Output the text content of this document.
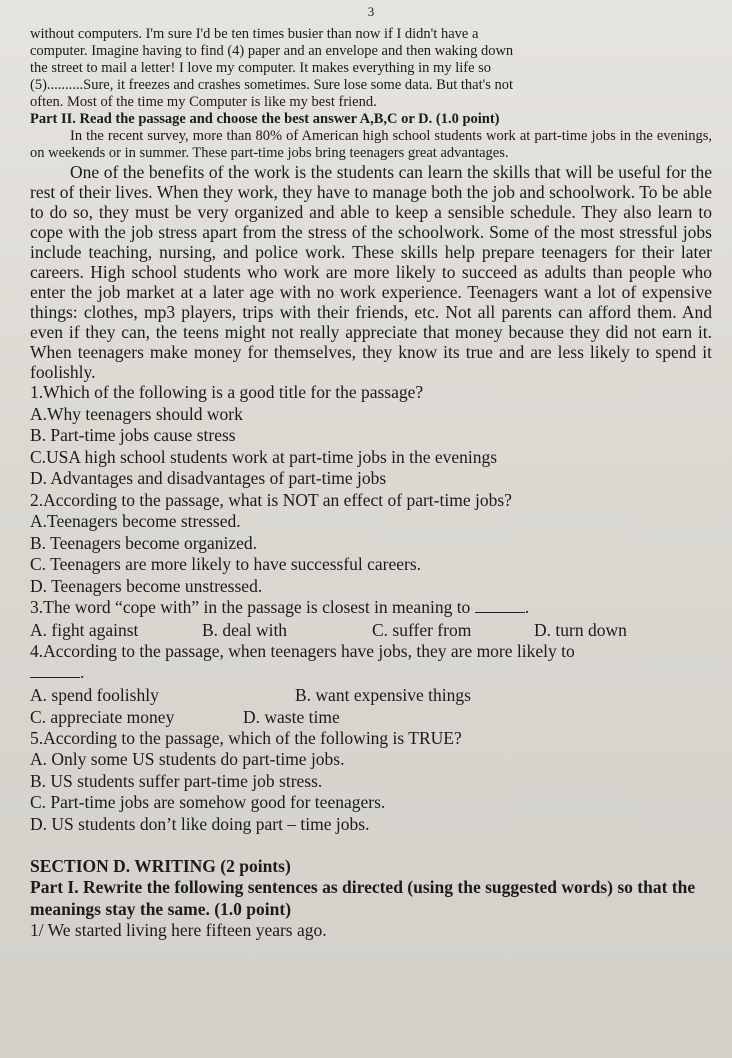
3

without computers. I'm sure I'd be ten times busier than now if I didn't have a

computer. Imagine having to find (4) paper and an envelope and then waking down

the street to mail a letter! I love my computer. It makes everything in my life so

(5)..........Sure, it freezes and crashes sometimes. Sure lose some data. But that's not

often. Most of the time my Computer is like my best friend.

Part II. Read the passage and choose the best answer A,B,C or D. (1.0 point)

In the recent survey, more than 80% of American high school students work at part-time jobs in the evenings, on weekends or in summer. These part-time jobs bring teenagers great advantages.

One of the benefits of the work is the students can learn the skills that will be useful for the rest of their lives. When they work, they have to manage both the job and schoolwork. To be able to do so, they must be very organized and able to keep a sensible schedule. They also learn to cope with the job stress apart from the stress of the schoolwork. Some of the most stressful jobs include teaching, nursing, and police work. These skills help prepare teenagers for their later careers. High school students who work are more likely to succeed as adults than people who enter the job market at a later age with no work experience. Teenagers want a lot of expensive things: clothes, mp3 players, trips with their friends, etc. Not all parents can afford them. And even if they can, the teens might not really appreciate that money because they did not earn it. When teenagers make money for themselves, they know its true and are less likely to spend it foolishly.

1.Which of the following is a good title for the passage?

A.Why teenagers should work

B. Part-time jobs cause stress

C.USA high school students work at part-time jobs in the evenings

D. Advantages and disadvantages of part-time jobs

2.According to the passage, what is NOT an effect of part-time jobs?

A.Teenagers become stressed.

B. Teenagers become organized.

C. Teenagers are more likely to have successful careers.

D. Teenagers become unstressed.

3.The word “cope with” in the passage is closest in meaning to	.

A. fight against	B. deal with	C. suffer from	D. turn down

4.According to the passage, when teenagers have jobs, they are more likely to

.

A. spend foolishly	B. want expensive things
C. appreciate money	D. waste time

5.According to the passage, which of the following is TRUE?

A. Only some US students do part-time jobs.

B. US students suffer part-time job stress.

C. Part-time jobs are somehow good for teenagers.

D. US students don’t like doing part – time jobs.

SECTION D. WRITING (2 points)

Part I. Rewrite the following sentences as directed (using the suggested words) so that the meanings stay the same. (1.0 point)

1/ We started living here fifteen years ago.
